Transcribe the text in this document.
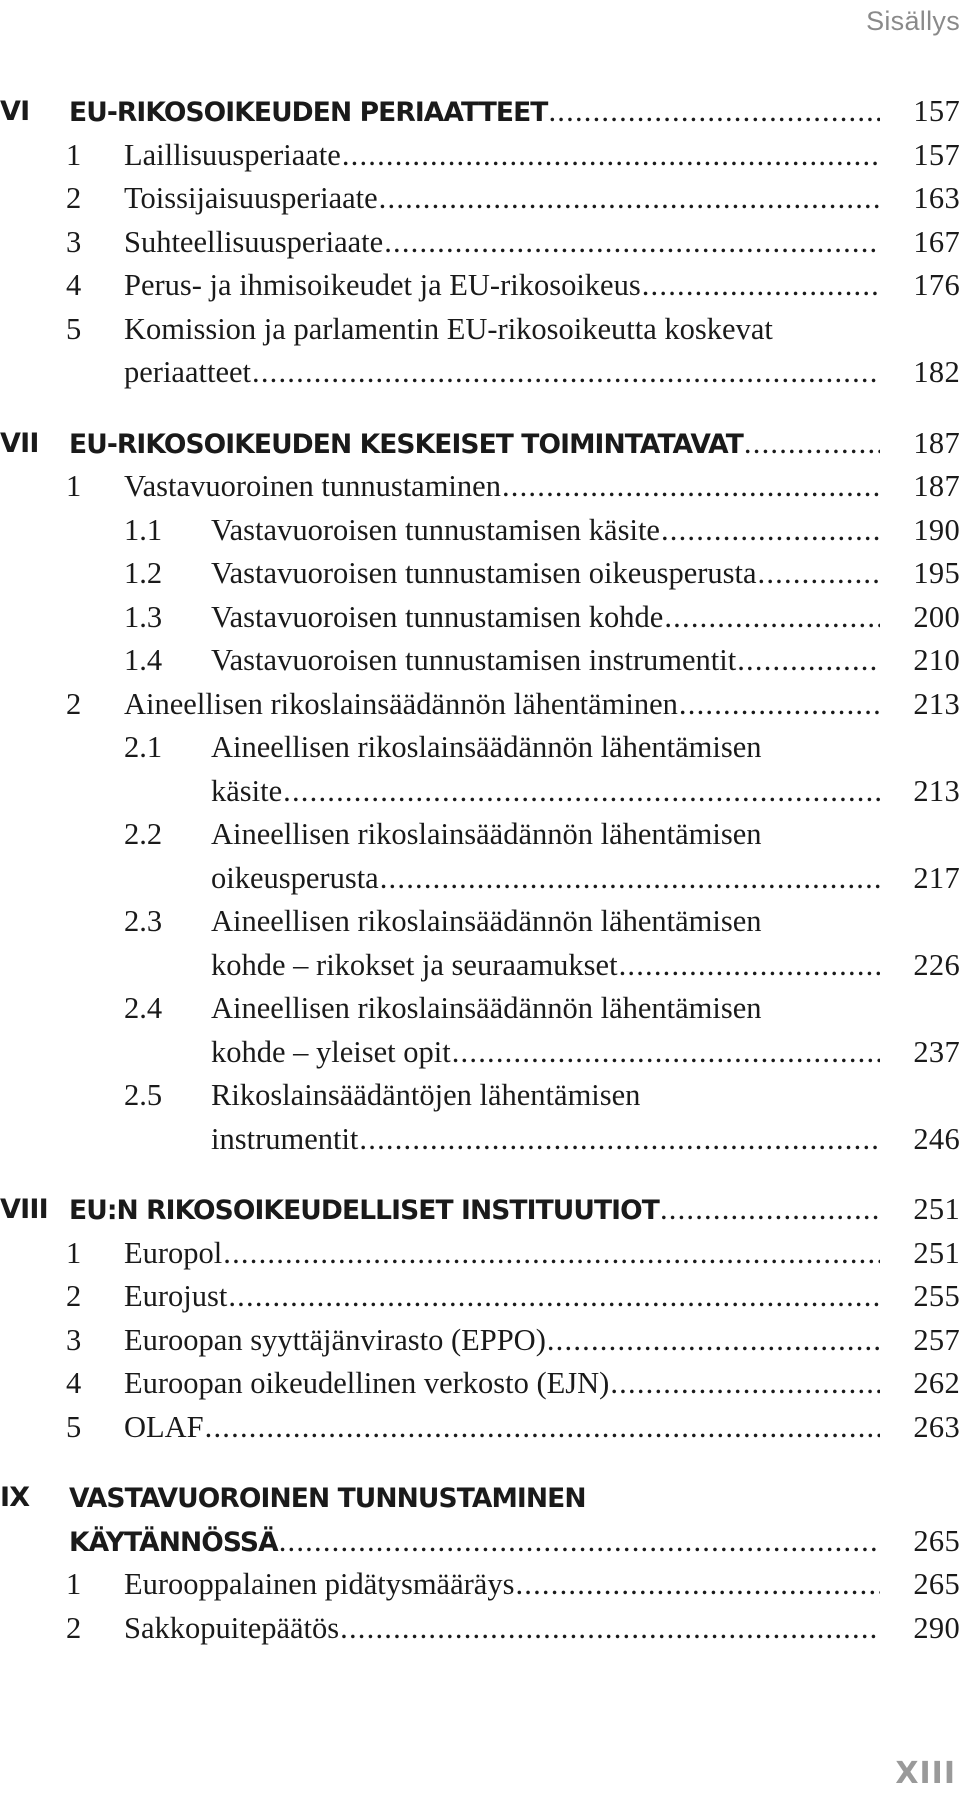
Sisällys
VI EU-RIKOSOIKEUDEN PERIAATTEET .....	157
1 Laillisuusperiaate .....	157
2 Toissijaisuusperiaate .....	163
3 Suhteellisuusperiaate .....	167
4 Perus- ja ihmisoikeudet ja EU-rikosoikeus .....	176
5 Komission ja parlamentin EU-rikosoikeutta koskevat
periaatteet .....	182
VII EU-RIKOSOIKEUDEN KESKEISET TOIMINTATAVAT .....	187
1 Vastavuoroinen tunnustaminen .....	187
1.1 Vastavuoroisen tunnustamisen käsite .....	190
1.2 Vastavuoroisen tunnustamisen oikeusperusta .....	195
1.3 Vastavuoroisen tunnustamisen kohde .....	200
1.4 Vastavuoroisen tunnustamisen instrumentit .....	210
2 Aineellisen rikoslainsäädännön lähentäminen .....	213
2.1 Aineellisen rikoslainsäädännön lähentämisen
käsite .....	213
2.2 Aineellisen rikoslainsäädännön lähentämisen
oikeusperusta .....	217
2.3 Aineellisen rikoslainsäädännön lähentämisen
kohde – rikokset ja seuraamukset .....	226
2.4 Aineellisen rikoslainsäädännön lähentämisen
kohde – yleiset opit .....	237
2.5 Rikoslainsäädäntöjen lähentämisen
instrumentit .....	246
VIII EU:N RIKOSOIKEUDELLISET INSTITUUTIOT .....	251
1 Europol .....	251
2 Eurojust .....	255
3 Euroopan syyttäjänvirasto (EPPO) .....	257
4 Euroopan oikeudellinen verkosto (EJN) .....	262
5 OLAF .....	263
IX VASTAVUOROINEN TUNNUSTAMINEN
KÄYTÄNNÖSSÄ .....	265
1 Eurooppalainen pidätysmääräys .....	265
2 Sakkopuitepäätös .....	290
XIII
